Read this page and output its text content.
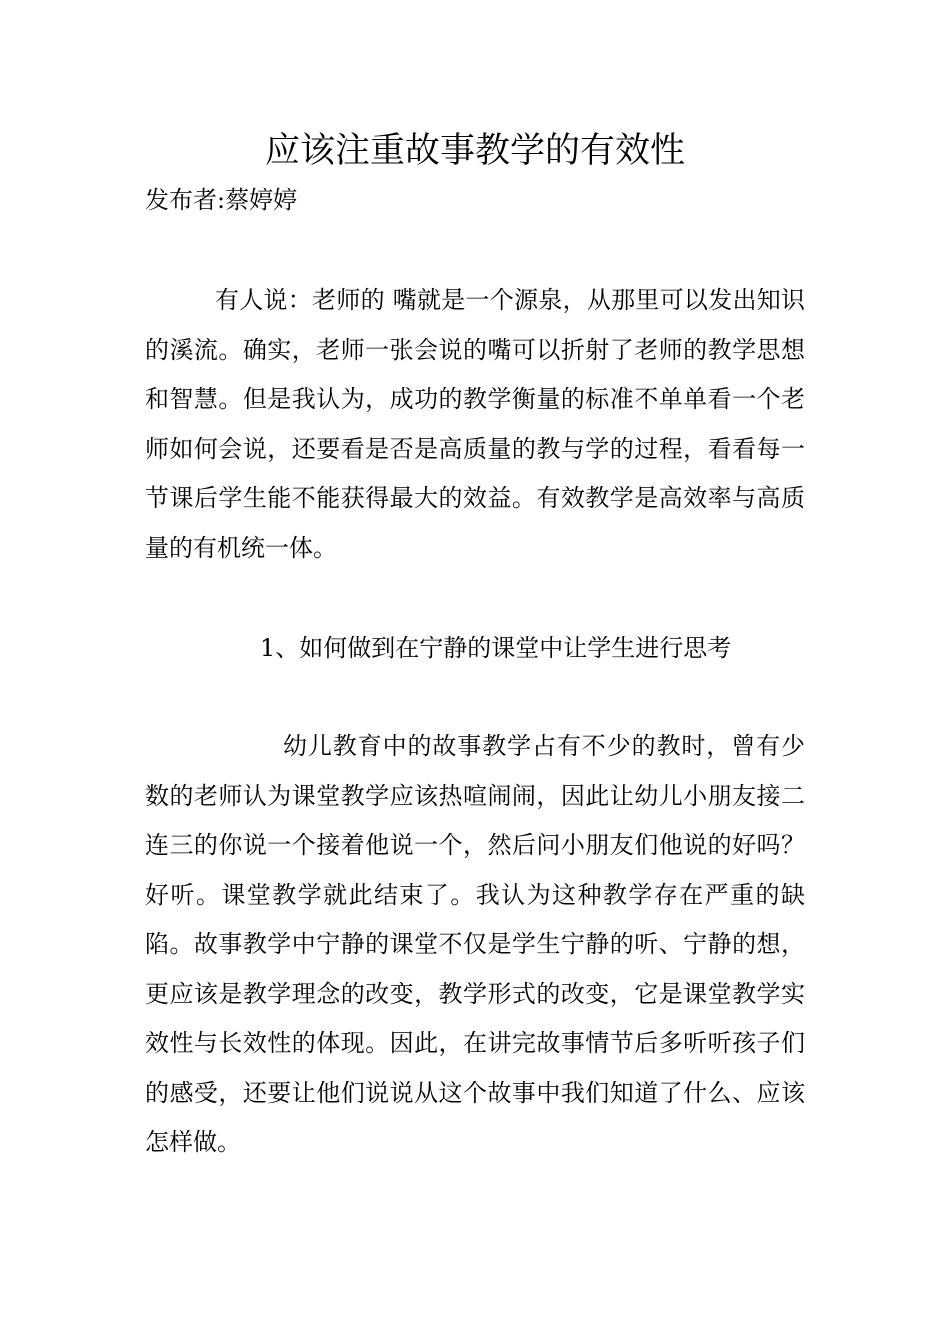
应该注重故事教学的有效性

发布者:蔡婷婷

有人说：老师的 嘴就是一个源泉，从那里可以发出知识的溪流。确实，老师一张会说的嘴可以折射了老师的教学思想和智慧。但是我认为，成功的教学衡量的标准不单单看一个老师如何会说，还要看是否是高质量的教与学的过程，看看每一节课后学生能不能获得最大的效益。有效教学是高效率与高质量的有机统一体。

1、如何做到在宁静的课堂中让学生进行思考

幼儿教育中的故事教学占有不少的教时，曾有少数的老师认为课堂教学应该热喧闹闹，因此让幼儿小朋友接二连三的你说一个接着他说一个，然后问小朋友们他说的好吗？好听。课堂教学就此结束了。我认为这种教学存在严重的缺陷。故事教学中宁静的课堂不仅是学生宁静的听、宁静的想，更应该是教学理念的改变，教学形式的改变，它是课堂教学实效性与长效性的体现。因此，在讲完故事情节后多听听孩子们的感受，还要让他们说说从这个故事中我们知道了什么、应该怎样做。
